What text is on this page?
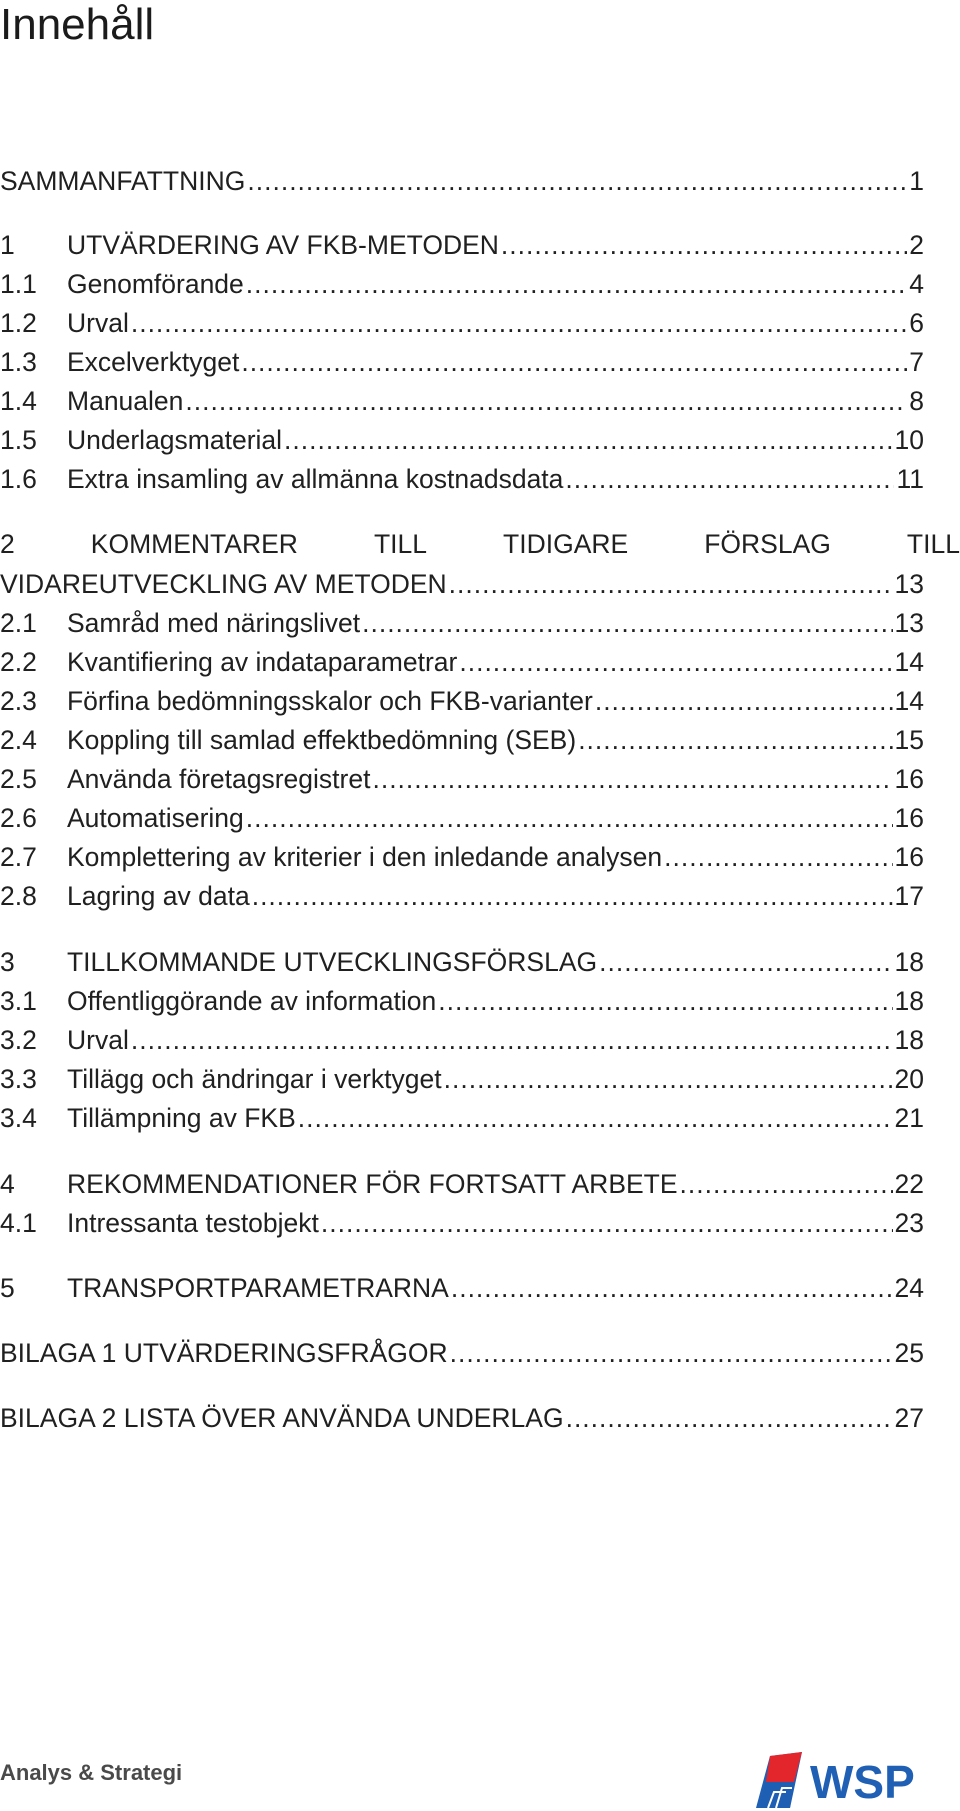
Innehåll
SAMMANFATTNING .....	1
1	UTVÄRDERING AV FKB-METODEN .....	2
1.1	Genomförande .....	4
1.2	Urval .....	6
1.3	Excelverktyget .....	7
1.4	Manualen .....	8
1.5	Underlagsmaterial .....	10
1.6	Extra insamling av allmänna kostnadsdata .....	11
2	KOMMENTARER	TILL	TIDIGARE	FÖRSLAG	TILL
VIDAREUTVECKLING AV METODEN .....	13
2.1	Samråd med näringslivet .....	13
2.2	Kvantifiering av indataparametrar .....	14
2.3	Förfina bedömningsskalor och FKB-varianter .....	14
2.4	Koppling till samlad effektbedömning (SEB) .....	15
2.5	Använda företagsregistret .....	16
2.6	Automatisering .....	16
2.7	Komplettering av kriterier i den inledande analysen .....	16
2.8	Lagring av data .....	17
3	TILLKOMMANDE UTVECKLINGSFÖRSLAG .....	18
3.1	Offentliggörande av information .....	18
3.2	Urval .....	18
3.3	Tillägg och ändringar i verktyget .....	20
3.4	Tillämpning av FKB .....	21
4	REKOMMENDATIONER FÖR FORTSATT ARBETE .....	22
4.1	Intressanta testobjekt .....	23
5	TRANSPORTPARAMETRARNA .....	24
BILAGA 1 UTVÄRDERINGSFRÅGOR .....	25
BILAGA 2 LISTA ÖVER ANVÄNDA UNDERLAG .....	27
Analys & Strategi	WSP
